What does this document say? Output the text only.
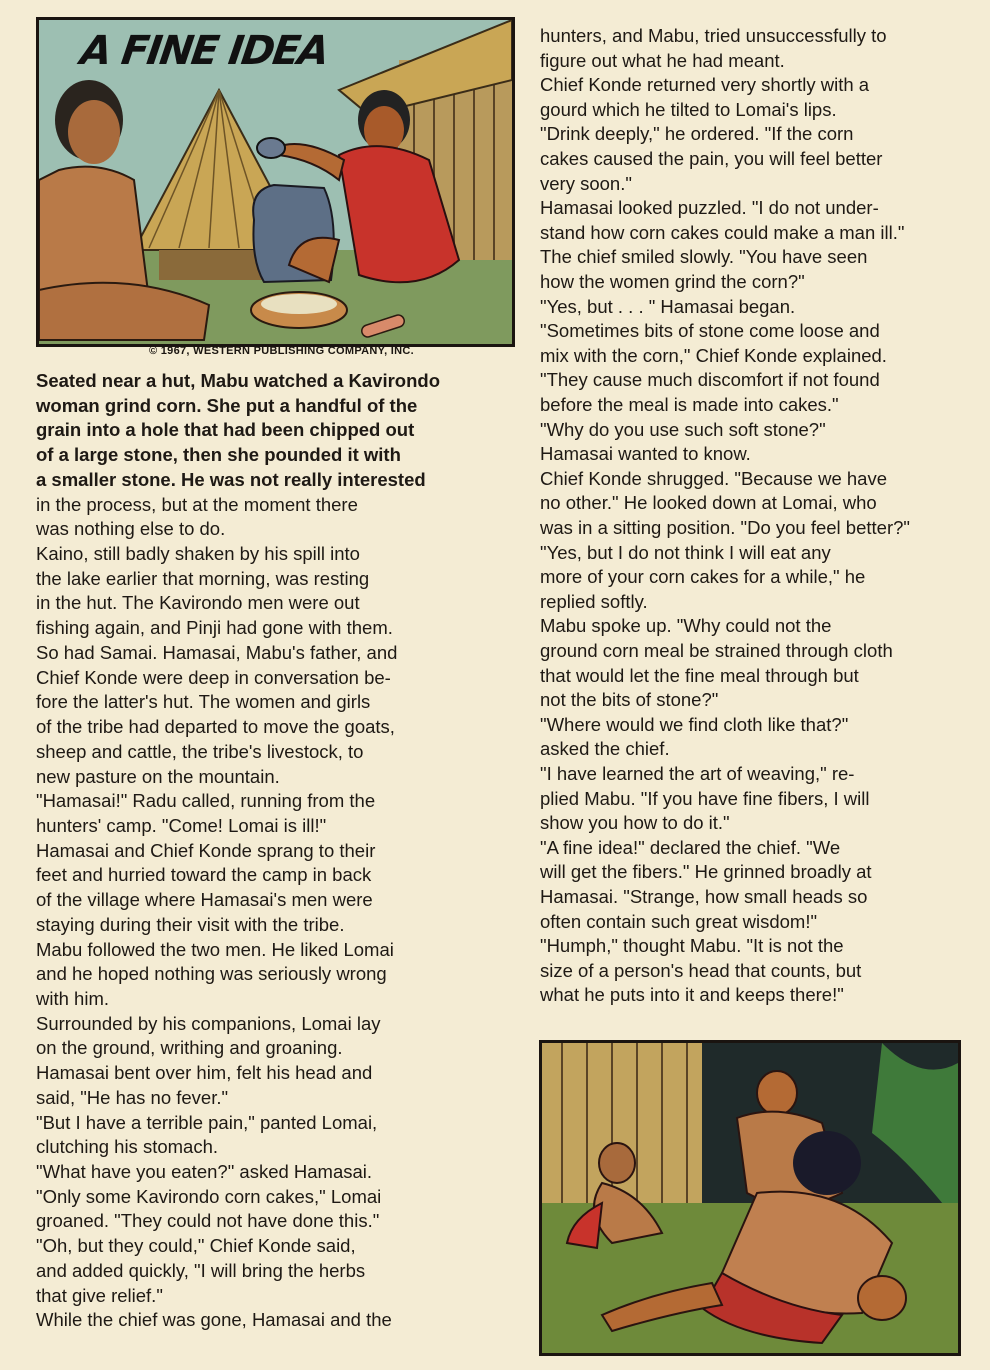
A FINE IDEA
© 1967, WESTERN PUBLISHING COMPANY, INC.
Seated near a hut, Mabu watched a Kavirondo
woman grind corn. She put a handful of the
grain into a hole that had been chipped out
of a large stone, then she pounded it with
a smaller stone. He was not really interested
in the process, but at the moment there
was nothing else to do.
Kaino, still badly shaken by his spill into
the lake earlier that morning, was resting
in the hut. The Kavirondo men were out
fishing again, and Pinji had gone with them.
So had Samai. Hamasai, Mabu's father, and
Chief Konde were deep in conversation be-
fore the latter's hut. The women and girls
of the tribe had departed to move the goats,
sheep and cattle, the tribe's livestock, to
new pasture on the mountain.
"Hamasai!" Radu called, running from the
hunters' camp. "Come! Lomai is ill!"
Hamasai and Chief Konde sprang to their
feet and hurried toward the camp in back
of the village where Hamasai's men were
staying during their visit with the tribe.
Mabu followed the two men. He liked Lomai
and he hoped nothing was seriously wrong
with him.
Surrounded by his companions, Lomai lay
on the ground, writhing and groaning.
Hamasai bent over him, felt his head and
said, "He has no fever."
"But I have a terrible pain," panted Lomai,
clutching his stomach.
"What have you eaten?" asked Hamasai.
"Only some Kavirondo corn cakes," Lomai
groaned. "They could not have done this."
"Oh, but they could," Chief Konde said,
and added quickly, "I will bring the herbs
that give relief."
While the chief was gone, Hamasai and the
hunters, and Mabu, tried unsuccessfully to
figure out what he had meant.
Chief Konde returned very shortly with a
gourd which he tilted to Lomai's lips.
"Drink deeply," he ordered. "If the corn
cakes caused the pain, you will feel better
very soon."
Hamasai looked puzzled. "I do not under-
stand how corn cakes could make a man ill."
The chief smiled slowly. "You have seen
how the women grind the corn?"
"Yes, but . . . " Hamasai began.
"Sometimes bits of stone come loose and
mix with the corn," Chief Konde explained.
"They cause much discomfort if not found
before the meal is made into cakes."
"Why do you use such soft stone?"
Hamasai wanted to know.
Chief Konde shrugged. "Because we have
no other." He looked down at Lomai, who
was in a sitting position. "Do you feel better?"
"Yes, but I do not think I will eat any
more of your corn cakes for a while," he
replied softly.
Mabu spoke up. "Why could not the
ground corn meal be strained through cloth
that would let the fine meal through but
not the bits of stone?"
"Where would we find cloth like that?"
asked the chief.
"I have learned the art of weaving," re-
plied Mabu. "If you have fine fibers, I will
show you how to do it."
"A fine idea!" declared the chief. "We
will get the fibers." He grinned broadly at
Hamasai. "Strange, how small heads so
often contain such great wisdom!"
"Humph," thought Mabu. "It is not the
size of a person's head that counts, but
what he puts into it and keeps there!"
